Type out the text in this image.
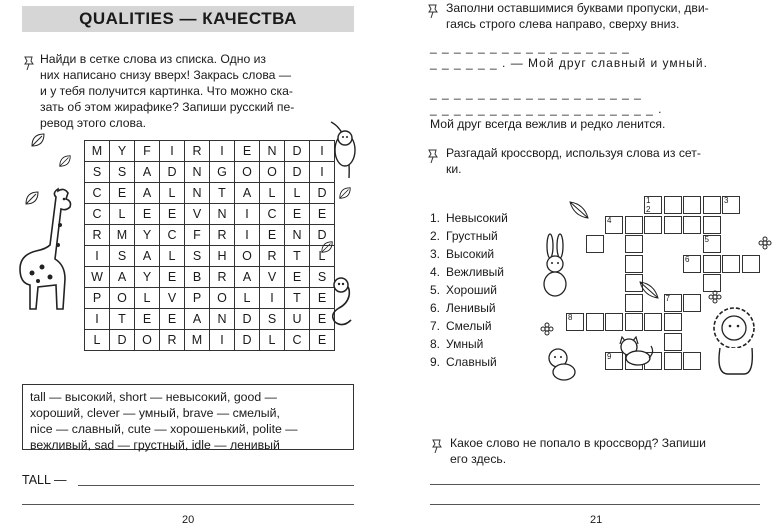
QUALITIES — КАЧЕСТВА
Найди в сетке слова из списка. Одно из
них написано снизу вверх! Закрась слова —
и у тебя получится картинка. Что можно ска-
зать об этом жирафике? Запиши русский пе-
ревод этого слова.
M	Y	F	I	R	I	E	N	D	I
S	S	A	D	N	G	O	O	D	I
C	E	A	L	N	T	A	L	L	D
C	L	E	E	V	N	I	C	E	E
R	M	Y	C	F	R	I	E	N	D
I	S	A	L	S	H	O	R	T	L
W	A	Y	E	B	R	A	V	E	S
P	O	L	V	P	O	L	I	T	E
I	T	E	E	A	N	D	S	U	E
L	D	O	R	M	I	D	L	C	E
tall — высокий, short — невысокий, good —
хороший, clever — умный, brave — смелый,
nice — славный, cute — хорошенький, polite —
вежливый, sad — грустный, idle — ленивый
TALL —
20
Заполни оставшимися буквами пропуски, дви-
гаясь строго слева направо, сверху вниз.
_ _ _ _ _ _ _ _ _ _ _ _ _ _ _ _ _
_ _ _ _ _ _ . — Мой друг славный и умный.
_ _ _ _ _ _ _ _ _ _ _ _ _ _ _ _ _ _
_ _ _ _ _ _ _ _ _ _ _ _ _ _ _ _ _ _ _ .
Мой друг всегда вежлив и редко ленится.
Разгадай кроссворд, используя слова из сет-
ки.
1. Невысокий
2. Грустный
3. Высокий
4. Вежливый
5. Хороший
6. Ленивый
7. Смелый
8. Умный
9. Славный
1
2
3
4
5
6
7
8
9
Какое слово не попало в кроссворд? Запиши
его здесь.
21
